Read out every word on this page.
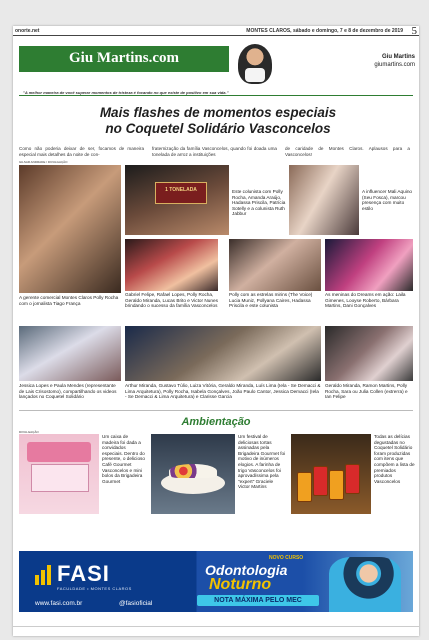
onorte.net	MONTES CLAROS, sábado e domingo, 7 e 8 de dezembro de 2019 5
Giu Martins.com	Giu Martins
giumartins.com
"A melhor maneira de você superar momentos de tristeza é focando no que existe de positivo em sua vida."
Mais flashes de momentos especiais
no Coquetel Solidário Vasconcelos
Como não poderia deixar de ser, focamos de maneira especial mais detalhes da noite de con-
fraternização da família Vasconcelos, quando foi doada uma tonelada de arroz a instituições
de caridade de Montes Claros. Aplausos para a Vasconcelos!
GILSAR ANDRADE / DIVULGAÇÃO
A gerente comercial Montes Claros Polly Rocha com o jornalista Tiago França
1 TONELADA	Este colunista com Polly Rocha, Amanda Araújo, Hadassa Priscila, Patrícia Sotelly e a colunista Ruth Jabbur
A influencer Mali Aquino (Seu Fosca), marcou presença com muito estilo
Gabriel Felipe, Rafael Lopes, Polly Rocha, Geraldo Miranda, Lucas Brito e Victor Nunes brindando o sucesso da família Vasconcelos
Polly com as estrelas mirins (The Voice) Lucia Muniz, Pollyana Caires, Hadassa Priscila e este colunista
As meninas do Dreams em ação: Laila Gimenes, Looyse Roberto, Bárbara Martins, Dani Gonçalves
Jessica Lopes e Paula Mendes (representante de Lais Crisostomo), compartilhando os videos lançados no Coquetel Solidário
Arthur Miranda, Gustavo Túlio, Luiza Vitória, Geraldo Miranda, Luís Lima (Iela - Se Demacci & Lima Arquitetura), Polly Rocha, Isabela Gonçalves, João Paulo Cantor, Jessica Demacci (Iela - Se Demacci & Lima Arquitetura) e Clarisse Garcia
Geraldo Miranda, Ramon Martins, Polly Rocha, Sara ou Julia Collen (extrerra) e Ian Felipe
Ambientação
DIVULGAÇÃO
Um caixa de madeira foi dada a convidados especiais. Dentro do presente, o delicioso Café Gourmet Vasconcelos e mini bolos da Brigadeira Gourmet
Um festival de deliciosas tortas assinadas pela Brigadeira Gourmet foi motivo de inúmeros elogios. A farinha de trigo Vasconcelos foi aprovadíssima pela "expert" Graciele Victor Martins
Todas as delícias degustadas no Coquetel Solidário foram produzidas com itens que compõem a lista de premiados produtos Vasconcelos
FASI
FACULDADE • MONTES CLAROS
www.fasi.com.br	@fasioficial
NOVO CURSO
Odontologia
Noturno
NOTA MÁXIMA PELO MEC
